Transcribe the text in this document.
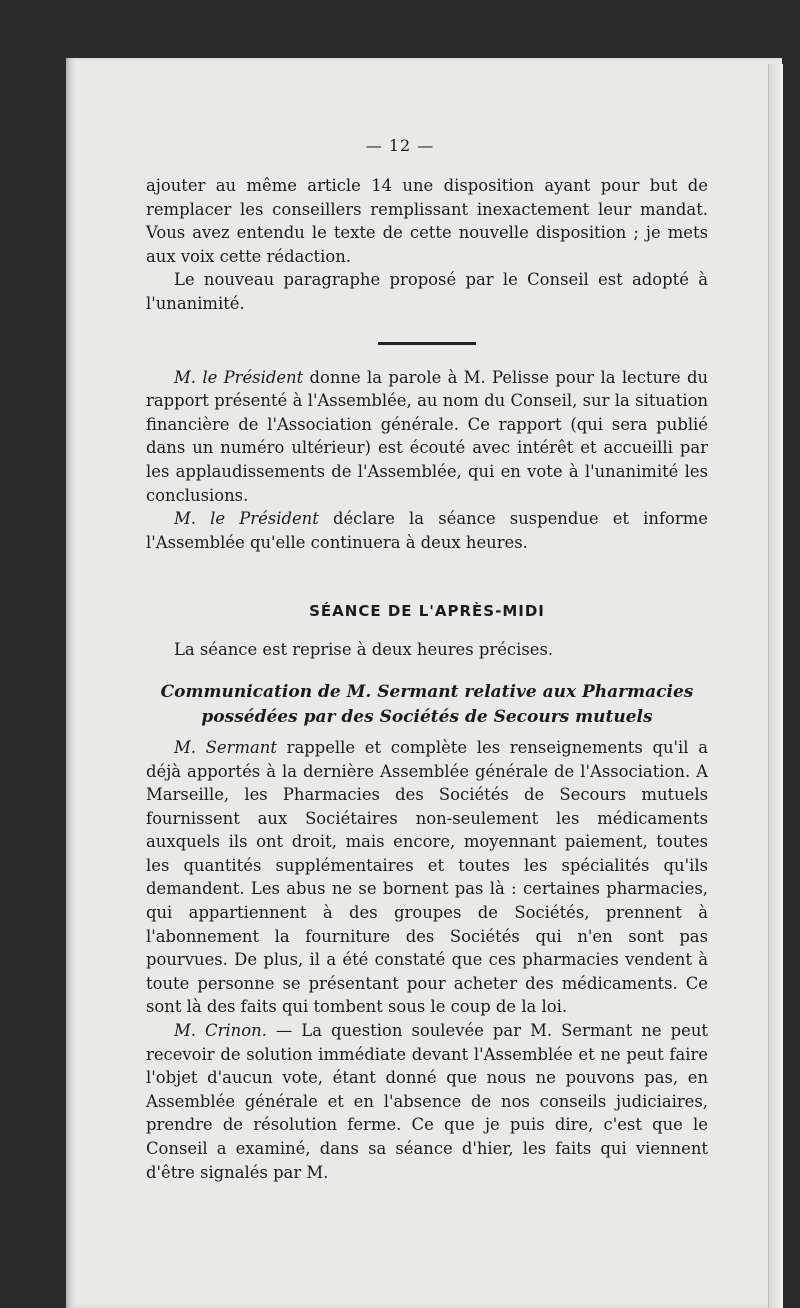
— 12 —

ajouter au même article 14 une disposition ayant pour but de remplacer les conseillers remplissant inexactement leur mandat. Vous avez entendu le texte de cette nouvelle disposition ; je mets aux voix cette rédaction.

Le nouveau paragraphe proposé par le Conseil est adopté à l'unanimité.

M. le Président donne la parole à M. Pelisse pour la lecture du rapport présenté à l'Assemblée, au nom du Conseil, sur la situation financière de l'Association générale. Ce rapport (qui sera publié dans un numéro ultérieur) est écouté avec intérêt et accueilli par les applaudissements de l'Assemblée, qui en vote à l'unanimité les conclusions.

M. le Président déclare la séance suspendue et informe l'Assemblée qu'elle continuera à deux heures.

SÉANCE DE L'APRÈS-MIDI

La séance est reprise à deux heures précises.

Communication de M. Sermant relative aux Pharmacies
possédées par des Sociétés de Secours mutuels

M. Sermant rappelle et complète les renseignements qu'il a déjà apportés à la dernière Assemblée générale de l'Association. A Marseille, les Pharmacies des Sociétés de Secours mutuels fournissent aux Sociétaires non-seulement les médicaments auxquels ils ont droit, mais encore, moyennant paiement, toutes les quantités supplémentaires et toutes les spécialités qu'ils demandent. Les abus ne se bornent pas là : certaines pharmacies, qui appartiennent à des groupes de Sociétés, prennent à l'abonnement la fourniture des Sociétés qui n'en sont pas pourvues. De plus, il a été constaté que ces pharmacies vendent à toute personne se présentant pour acheter des médicaments. Ce sont là des faits qui tombent sous le coup de la loi.

M. Crinon. — La question soulevée par M. Sermant ne peut recevoir de solution immédiate devant l'Assemblée et ne peut faire l'objet d'aucun vote, étant donné que nous ne pouvons pas, en Assemblée générale et en l'absence de nos conseils judiciaires, prendre de résolution ferme. Ce que je puis dire, c'est que le Conseil a examiné, dans sa séance d'hier, les faits qui viennent d'être signalés par M.
